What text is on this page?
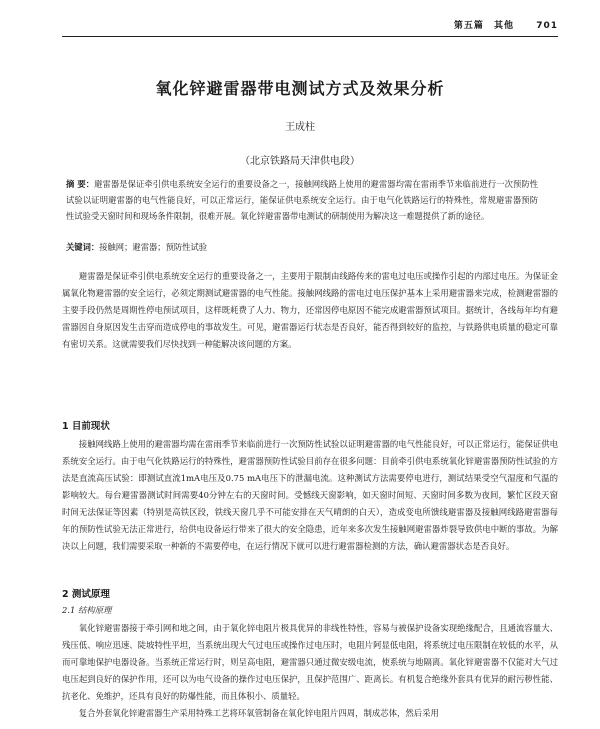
第五篇 其他 701
氧化锌避雷器带电测试方式及效果分析
王成柱
（北京铁路局天津供电段）
摘 要：避雷器是保证牵引供电系统安全运行的重要设备之一，接触网线路上使用的避雷器均需在雷雨季节来临前进行一次预防性试验以证明避雷器的电气性能良好，可以正常运行，能保证供电系统安全运行。由于电气化铁路运行的特殊性，常规避雷器预防性试验受天窗时间和现场条件限制，很难开展。氧化锌避雷器带电测试的研制使用为解决这一难题提供了新的途径。
关键词：接触网；避雷器；预防性试验

避雷器是保证牵引供电系统安全运行的重要设备之一，主要用于限制由线路传来的雷电过电压或操作引起的内部过电压。为保证金属氧化物避雷器的安全运行，必须定期测试避雷器的电气性能。接触网线路的雷电过电压保护基本上采用避雷器来完成，检测避雷器的主要手段仍然是周期性停电预试项目，这样既耗费了人力、物力，还常因停电原因不能完成避雷器预试项目。据统计，各线每年均有避雷器因自身原因发生击穿而造成停电的事故发生。可见，避雷器运行状态是否良好，能否得到较好的监控，与铁路供电质量的稳定可靠有密切关系。这就需要我们尽快找到一种能解决该问题的方案。

1 目前现状

接触网线路上使用的避雷器均需在雷雨季节来临前进行一次预防性试验以证明避雷器的电气性能良好，可以正常运行，能保证供电系统安全运行。由于电气化铁路运行的特殊性，避雷器预防性试验目前存在很多问题：目前牵引供电系统氧化锌避雷器预防性试验的方法是直流高压试验：即测试直流1mA电压及0.75 mA电压下的泄漏电流。这种测试方法需要停电进行，测试结果受空气湿度和气温的影响较大。每台避雷器测试时间需要40分钟左右的天窗时间。受憾线天窗影响，如天窗时间短、天窗时间多数为夜间，繁忙区段天窗时间无法保证等因素（特别是高铁区段，铁线天窗几乎不可能安排在天气晴朗的白天），造成变电所馈线避雷器及接触网线路避雷器每年的预防性试验无法正常进行，给供电设备运行带来了很大的安全隐患，近年来多次发生接触网避雷器炸裂导致供电中断的事故。为解决以上问题，我们需要采取一种新的不需要停电，在运行情况下就可以进行避雷器检测的方法，确认避雷器状态是否良好。

2 测试原理
2.1 结构原理

氧化锌避雷器接于牵引网和地之间，由于氧化锌电阻片极具优异的非线性特性，容易与被保护设备实现绝缘配合，且通流容量大、残压低、响应迅速、陡坡特性平坦，当系统出现大气过电压或操作过电压时，电阻片阿显低电阻，将系统过电压限制在较低的水平，从而可靠地保护电器设备。当系统正常运行时，则呈高电阻，避雷器只通过微安级电流，使系统与地隔离。氧化锌避雷器不仅能对大气过电压起到良好的保护作用，还可以为电气设备的操作过电压保护，且保护范围广、距离长。有机复合绝缘外套具有优异的耐污秽性能、抗老化、免维护，还具有良好的防爆性能，而且体积小、质量轻。

复合外套氧化锌避雷器生产采用特殊工艺将环氧管制备在氧化锌电阻片四周，制成芯体，然后采用
